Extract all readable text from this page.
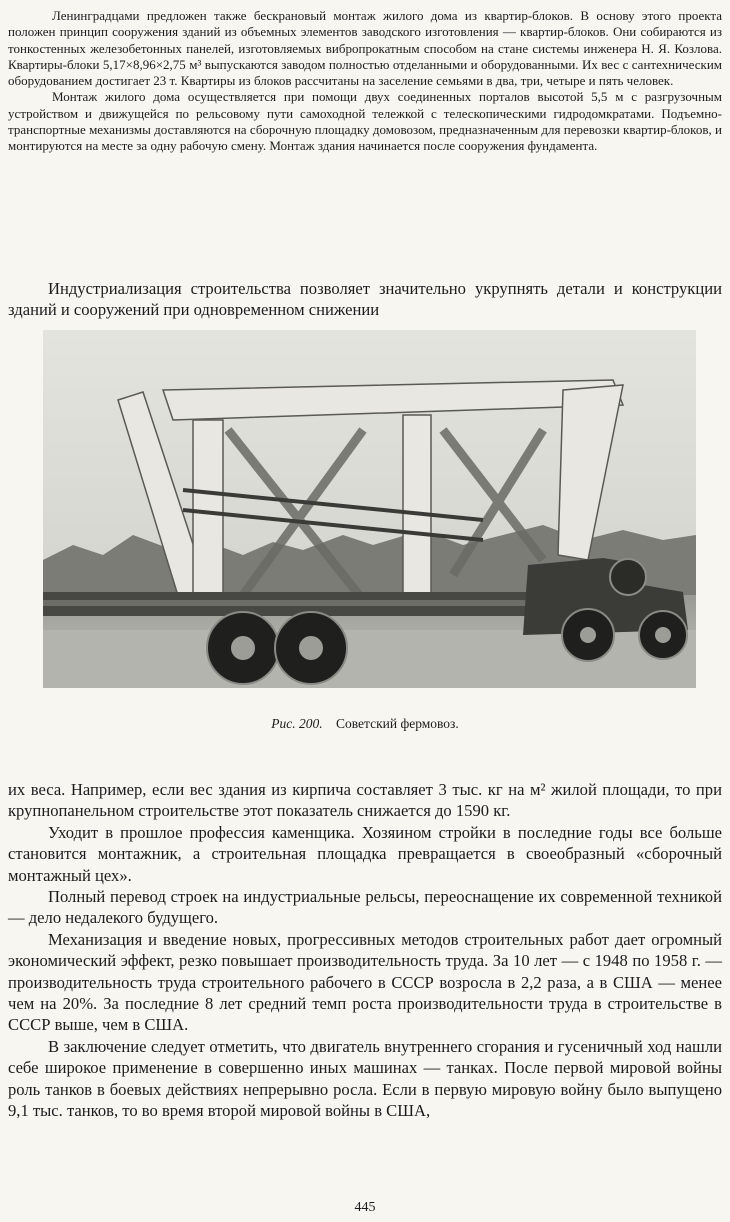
Ленинградцами предложен также бескрановый монтаж жилого дома из квартир-блоков. В основу этого проекта положен принцип сооружения зданий из объемных элементов заводского изготовления — квартир-блоков. Они собираются из тонкостенных железобетонных панелей, изготовляемых вибропрокатным способом на стане системы инженера Н. Я. Козлова. Квартиры-блоки 5,17×8,96×2,75 м³ выпускаются заводом полностью отделанными и оборудованными. Их вес с сантехническим оборудованием достигает 23 т. Квартиры из блоков рассчитаны на заселение семьями в два, три, четыре и пять человек.

Монтаж жилого дома осуществляется при помощи двух соединенных порталов высотой 5,5 м с разгрузочным устройством и движущейся по рельсовому пути самоходной тележкой с телескопическими гидродомкратами. Подъемно-транспортные механизмы доставляются на сборочную площадку домовозом, предназначенным для перевозки квартир-блоков, и монтируются на месте за одну рабочую смену. Монтаж здания начинается после сооружения фундамента.

Индустриализация строительства позволяет значительно укрупнять детали и конструкции зданий и сооружений при одновременном снижении

Рис. 200. Советский фермовоз.

их веса. Например, если вес здания из кирпича составляет 3 тыс. кг на м² жилой площади, то при крупнопанельном строительстве этот показатель снижается до 1590 кг.

Уходит в прошлое профессия каменщика. Хозяином стройки в последние годы все больше становится монтажник, а строительная площадка превращается в своеобразный «сборочный монтажный цех».

Полный перевод строек на индустриальные рельсы, переоснащение их современной техникой — дело недалекого будущего.

Механизация и введение новых, прогрессивных методов строительных работ дает огромный экономический эффект, резко повышает производительность труда. За 10 лет — с 1948 по 1958 г. — производительность труда строительного рабочего в СССР возросла в 2,2 раза, а в США — менее чем на 20%. За последние 8 лет средний темп роста производительности труда в строительстве в СССР выше, чем в США.

В заключение следует отметить, что двигатель внутреннего сгорания и гусеничный ход нашли себе широкое применение в совершенно иных машинах — танках. После первой мировой войны роль танков в боевых действиях непрерывно росла. Если в первую мировую войну было выпущено 9,1 тыс. танков, то во время второй мировой войны в США,

445
